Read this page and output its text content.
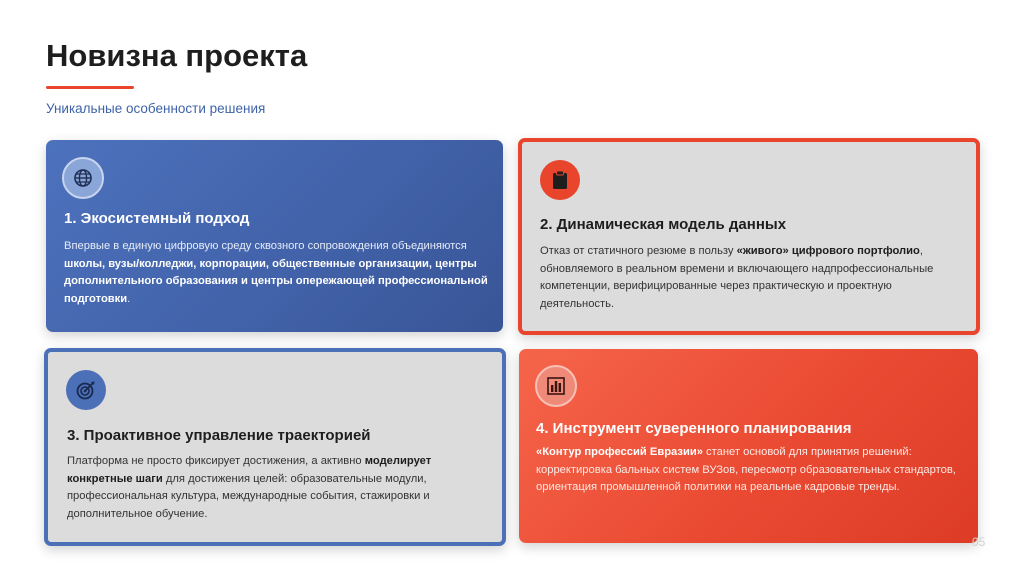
Новизна проекта
Уникальные особенности решения
1. Экосистемный подход

Впервые в единую цифровую среду сквозного сопровождения объединяются школы, вузы/колледжи, корпорации, общественные организации, центры дополнительного образования и центры опережающей профессиональной подготовки.

2. Динамическая модель данных

Отказ от статичного резюме в пользу «живого» цифрового портфолио, обновляемого в реальном времени и включающего надпрофессиональные компетенции, верифицированные через практическую и проектную деятельность.

3. Проактивное управление траекторией

Платформа не просто фиксирует достижения, а активно моделирует конкретные шаги для достижения целей: образовательные модули, профессиональная культура, международные события, стажировки и дополнительное обучение.

4. Инструмент суверенного планирования

«Контур профессий Евразии» станет основой для принятия решений: корректировка бальных систем ВУЗов, пересмотр образовательных стандартов, ориентация промышленной политики на реальные кадровые тренды.

05
